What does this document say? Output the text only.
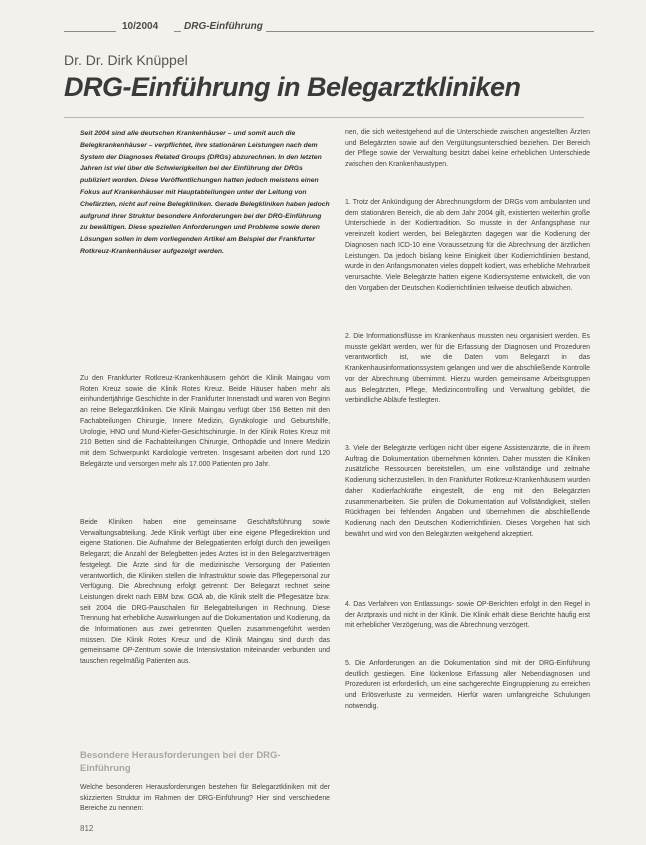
10/2004	DRG-Einführung
Dr. Dr. Dirk Knüppel
DRG-Einführung in Belegarztkliniken

Seit 2004 sind alle deutschen Krankenhäuser – und somit auch die Belegkrankenhäuser – verpflichtet, ihre stationären Leistungen nach dem System der Diagnoses Related Groups (DRGs) abzurechnen. In den letzten Jahren ist viel über die Schwierigkeiten bei der Einführung der DRGs publiziert worden. Diese Veröffentlichungen hatten jedoch meistens einen Fokus auf Krankenhäuser mit Hauptabteilungen unter der Leitung von Chefärzten, nicht auf reine Belegkliniken. Gerade Belegkliniken haben jedoch aufgrund ihrer Struktur besondere Anforderungen bei der DRG-Einführung zu bewältigen. Diese speziellen Anforderungen und Probleme sowie deren Lösungen sollen in dem vorliegenden Artikel am Beispiel der Frankfurter Rotkreuz-Krankenhäuser aufgezeigt werden.

Zu den Frankfurter Rotkreuz-Krankenhäusern gehört die Klinik Maingau vom Roten Kreuz sowie die Klinik Rotes Kreuz. Beide Häuser haben mehr als einhundertjährige Geschichte in der Frankfurter Innenstadt und waren von Beginn an reine Belegarztkliniken. Die Klinik Maingau verfügt über 156 Betten mit den Fachabteilungen Chirurgie, Innere Medizin, Gynäkologie und Geburtshilfe, Urologie, HNO und Mund-Kiefer-Gesichtschirurgie. In der Klinik Rotes Kreuz mit 210 Betten sind die Fachabteilungen Chirurgie, Orthopädie und Innere Medizin mit dem Schwerpunkt Kardiologie vertreten. Insgesamt arbeiten dort rund 120 Belegärzte und versorgen mehr als 17.000 Patienten pro Jahr.

Beide Kliniken haben eine gemeinsame Geschäftsführung sowie Verwaltungsabteilung. Jede Klinik verfügt über eine eigene Pflegedirektion und eigene Stationen. Die Aufnahme der Belegpatienten erfolgt durch den jeweiligen Belegarzt; die Anzahl der Belegbetten jedes Arztes ist in den Belegarztverträgen festgelegt. Die Ärzte sind für die medizinische Versorgung der Patienten verantwortlich, die Kliniken stellen die Infrastruktur sowie das Pflegepersonal zur Verfügung. Die Abrechnung erfolgt getrennt: Der Belegarzt rechnet seine Leistungen direkt nach EBM bzw. GOÄ ab, die Klinik stellt die Pflegesätze bzw. seit 2004 die DRG-Pauschalen für Belegabteilungen in Rechnung. Diese Trennung hat erhebliche Auswirkungen auf die Dokumentation und Kodierung, da die Informationen aus zwei getrennten Quellen zusammengeführt werden müssen. Die Klinik Rotes Kreuz und die Klinik Maingau sind durch das gemeinsame OP-Zentrum sowie die Intensivstation miteinander verbunden und tauschen regelmäßig Patienten aus.

Besondere Herausforderungen bei der DRG-Einführung

Welche besonderen Herausforderungen bestehen für Belegarztkliniken mit der skizzierten Struktur im Rahmen der DRG-Einführung? Hier sind verschiedene Bereiche zu nennen:

nen, die sich weitestgehend auf die Unterschiede zwischen angestellten Ärzten und Belegärzten sowie auf den Vergütungsunterschied beziehen. Der Bereich der Pflege sowie der Verwaltung besitzt dabei keine erheblichen Unterschiede zwischen den Krankenhaustypen.

1. Trotz der Ankündigung der Abrechnungsform der DRGs vom ambulanten und dem stationären Bereich, die ab dem Jahr 2004 gilt, existierten weiterhin große Unterschiede in der Kodiertradition. So musste in der Anfangsphase nur vereinzelt kodiert werden, bei Belegärzten dagegen war die Kodierung der Diagnosen nach ICD-10 eine Voraussetzung für die Abrechnung der ärztlichen Leistungen. Da jedoch bislang keine Einigkeit über Kodierrichtlinien bestand, wurde in den Anfangsmonaten vieles doppelt kodiert, was erhebliche Mehrarbeit verursachte. Viele Belegärzte hatten eigene Kodiersysteme entwickelt, die von den Vorgaben der Deutschen Kodierrichtlinien teilweise deutlich abwichen.

2. Die Informationsflüsse im Krankenhaus mussten neu organisiert werden. Es musste geklärt werden, wer für die Erfassung der Diagnosen und Prozeduren verantwortlich ist, wie die Daten vom Belegarzt in das Krankenhausinformationssystem gelangen und wer die abschließende Kontrolle vor der Abrechnung übernimmt. Hierzu wurden gemeinsame Arbeitsgruppen aus Belegärzten, Pflege, Medizincontrolling und Verwaltung gebildet, die verbindliche Abläufe festlegten.

3. Viele der Belegärzte verfügen nicht über eigene Assistenzärzte, die in ihrem Auftrag die Dokumentation übernehmen könnten. Daher mussten die Kliniken zusätzliche Ressourcen bereitstellen, um eine vollständige und zeitnahe Kodierung sicherzustellen. In den Frankfurter Rotkreuz-Krankenhäusern wurden daher Kodierfachkräfte eingestellt, die eng mit den Belegärzten zusammenarbeiten. Sie prüfen die Dokumentation auf Vollständigkeit, stellen Rückfragen bei fehlenden Angaben und übernehmen die abschließende Kodierung nach den Deutschen Kodierrichtlinien. Dieses Vorgehen hat sich bewährt und wird von den Belegärzten weitgehend akzeptiert.

4. Das Verfahren von Entlassungs- sowie OP-Berichten erfolgt in den Regel in der Arztpraxis und nicht in der Klinik. Die Klinik erhält diese Berichte häufig erst mit erheblicher Verzögerung, was die Abrechnung verzögert.

5. Die Anforderungen an die Dokumentation sind mit der DRG-Einführung deutlich gestiegen. Eine lückenlose Erfassung aller Nebendiagnosen und Prozeduren ist erforderlich, um eine sachgerechte Eingruppierung zu erreichen und Erlösverluste zu vermeiden. Hierfür waren umfangreiche Schulungen notwendig.

812
